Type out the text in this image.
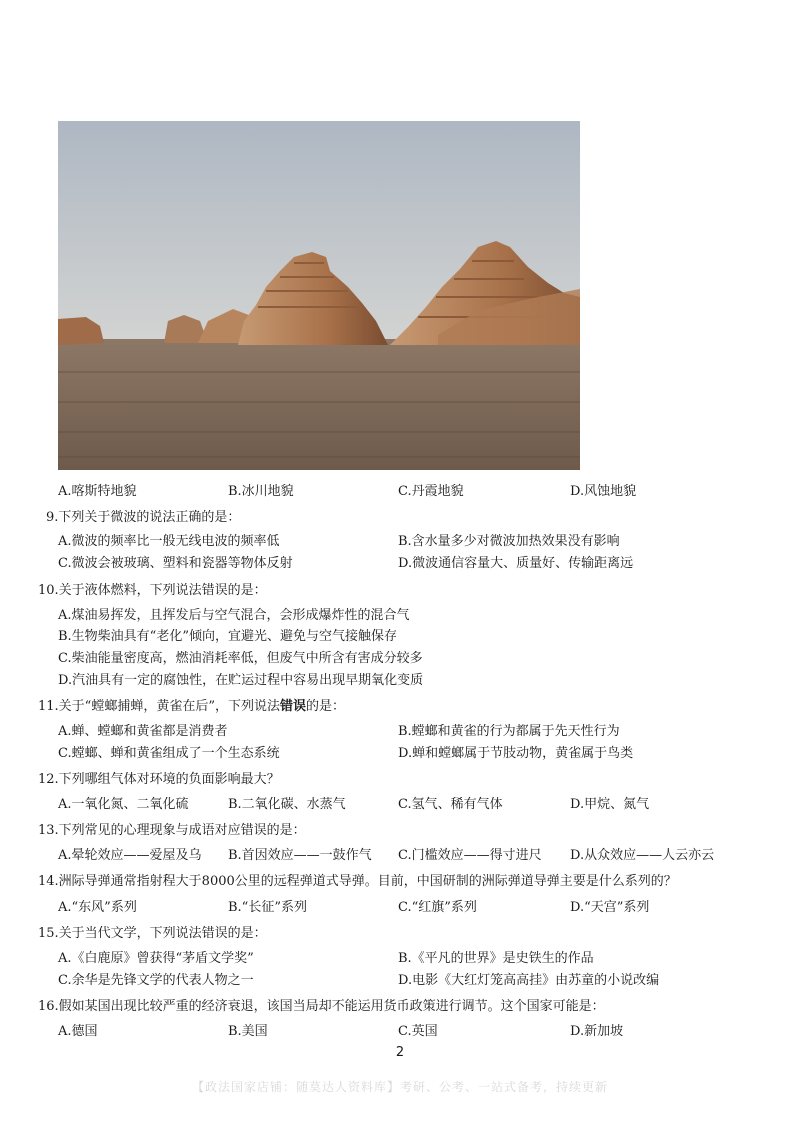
A.喀斯特地貌	B.冰川地貌	C.丹霞地貌	D.风蚀地貌
9.下列关于微波的说法正确的是：
A.微波的频率比一般无线电波的频率低	B.含水量多少对微波加热效果没有影响
C.微波会被玻璃、塑料和瓷器等物体反射	D.微波通信容量大、质量好、传输距离远
10.关于液体燃料，下列说法错误的是：
A.煤油易挥发，且挥发后与空气混合，会形成爆炸性的混合气
B.生物柴油具有“老化”倾向，宜避光、避免与空气接触保存
C.柴油能量密度高，燃油消耗率低，但废气中所含有害成分较多
D.汽油具有一定的腐蚀性，在贮运过程中容易出现早期氧化变质
11.关于“螳螂捕蝉，黄雀在后”，下列说法错误的是：
A.蝉、螳螂和黄雀都是消费者	B.螳螂和黄雀的行为都属于先天性行为
C.螳螂、蝉和黄雀组成了一个生态系统	D.蝉和螳螂属于节肢动物，黄雀属于鸟类
12.下列哪组气体对环境的负面影响最大？
A.一氧化氮、二氧化硫	B.二氧化碳、水蒸气	C.氢气、稀有气体	D.甲烷、氮气
13.下列常见的心理现象与成语对应错误的是：
A.晕轮效应——爱屋及乌 B.首因效应——一鼓作气 C.门槛效应——得寸进尺 D.从众效应——人云亦云
14.洲际导弹通常指射程大于8000公里的远程弹道式导弹。目前，中国研制的洲际弹道导弹主要是什么系列的？
A.“东风”系列	B.“长征”系列	C.“红旗”系列	D.“天宫”系列
15.关于当代文学，下列说法错误的是：
A.《白鹿原》曾获得“茅盾文学奖”	B.《平凡的世界》是史铁生的作品
C.余华是先锋文学的代表人物之一	D.电影《大红灯笼高高挂》由苏童的小说改编
16.假如某国出现比较严重的经济衰退，该国当局却不能运用货币政策进行调节。这个国家可能是：
A.德国	B.美国	C.英国	D.新加坡
2
【政法国家店铺：随莫达人资料库】考研、公考、一站式备考，持续更新
